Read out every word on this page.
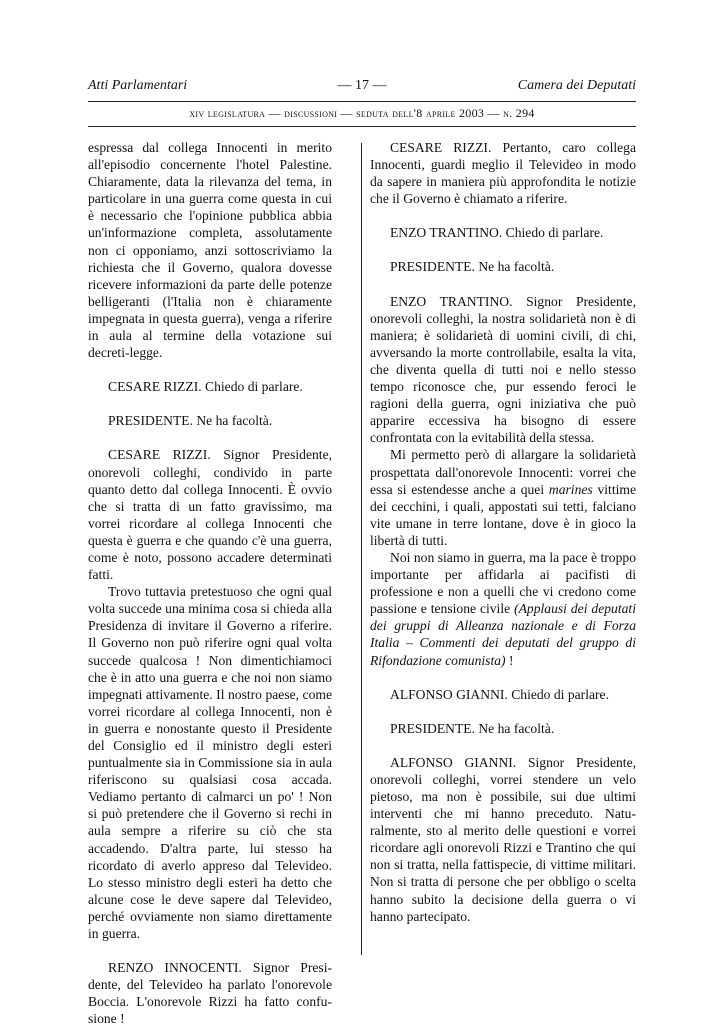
Atti Parlamentari	— 17 —	Camera dei Deputati
xiv legislatura — discussioni — seduta dell'8 aprile 2003 — n. 294

espressa dal collega Innocenti in merito all'episodio concernente l'hotel Palestine. Chiaramente, data la rilevanza del tema, in particolare in una guerra come questa in cui è necessario che l'opinione pubblica abbia un'informazione completa, assolutamente non ci opponiamo, anzi sottoscriviamo la richiesta che il Governo, qualora dovesse ricevere informazioni da parte delle potenze belligeranti (l'Italia non è chiaramente impegnata in questa guerra), venga a riferire in aula al termine della votazione sui decreti-legge.

CESARE RIZZI. Chiedo di parlare.

PRESIDENTE. Ne ha facoltà.

CESARE RIZZI. Signor Presidente, onorevoli colleghi, condivido in parte quanto detto dal collega Innocenti. È ovvio che si tratta di un fatto gravissimo, ma vorrei ricordare al collega Innocenti che questa è guerra e che quando c'è una guerra, come è noto, possono accadere determinati fatti.

Trovo tuttavia pretestuoso che ogni qual volta succede una minima cosa si chieda alla Presidenza di invitare il Governo a riferire. Il Governo non può riferire ogni qual volta succede qualcosa ! Non dimentichiamoci che è in atto una guerra e che noi non siamo impegnati attivamente. Il nostro paese, come vorrei ricordare al collega Innocenti, non è in guerra e nonostante questo il Presidente del Consiglio ed il ministro degli esteri puntualmente sia in Commissione sia in aula riferiscono su qualsiasi cosa accada. Vediamo pertanto di calmarci un po' ! Non si può pretendere che il Governo si rechi in aula sempre a riferire su ciò che sta accadendo. D'altra parte, lui stesso ha ricordato di averlo appreso dal Televideo. Lo stesso ministro degli esteri ha detto che alcune cose le deve sapere dal Televideo, perché ovviamente non siamo direttamente in guerra.

RENZO INNOCENTI. Signor Presidente, del Televideo ha parlato l'onorevole Boccia. L'onorevole Rizzi ha fatto confusione !

CESARE RIZZI. Pertanto, caro collega Innocenti, guardi meglio il Televideo in modo da sapere in maniera più approfondita le notizie che il Governo è chiamato a riferire.

ENZO TRANTINO. Chiedo di parlare.

PRESIDENTE. Ne ha facoltà.

ENZO TRANTINO. Signor Presidente, onorevoli colleghi, la nostra solidarietà non è di maniera; è solidarietà di uomini civili, di chi, avversando la morte controllabile, esalta la vita, che diventa quella di tutti noi e nello stesso tempo riconosce che, pur essendo feroci le ragioni della guerra, ogni iniziativa che può apparire eccessiva ha bisogno di essere confrontata con la evitabilità della stessa.

Mi permetto però di allargare la solidarietà prospettata dall'onorevole Innocenti: vorrei che essa si estendesse anche a quei marines vittime dei cecchini, i quali, appostati sui tetti, falciano vite umane in terre lontane, dove è in gioco la libertà di tutti.

Noi non siamo in guerra, ma la pace è troppo importante per affidarla ai pacifisti di professione e non a quelli che vi credono come passione e tensione civile (Applausi dei deputati dei gruppi di Alleanza nazionale e di Forza Italia – Commenti dei deputati del gruppo di Rifondazione comunista) !

ALFONSO GIANNI. Chiedo di parlare.

PRESIDENTE. Ne ha facoltà.

ALFONSO GIANNI. Signor Presidente, onorevoli colleghi, vorrei stendere un velo pietoso, ma non è possibile, sui due ultimi interventi che mi hanno preceduto. Naturalmente, sto al merito delle questioni e vorrei ricordare agli onorevoli Rizzi e Trantino che qui non si tratta, nella fattispecie, di vittime militari. Non si tratta di persone che per obbligo o scelta hanno subito la decisione della guerra o vi hanno partecipato.
